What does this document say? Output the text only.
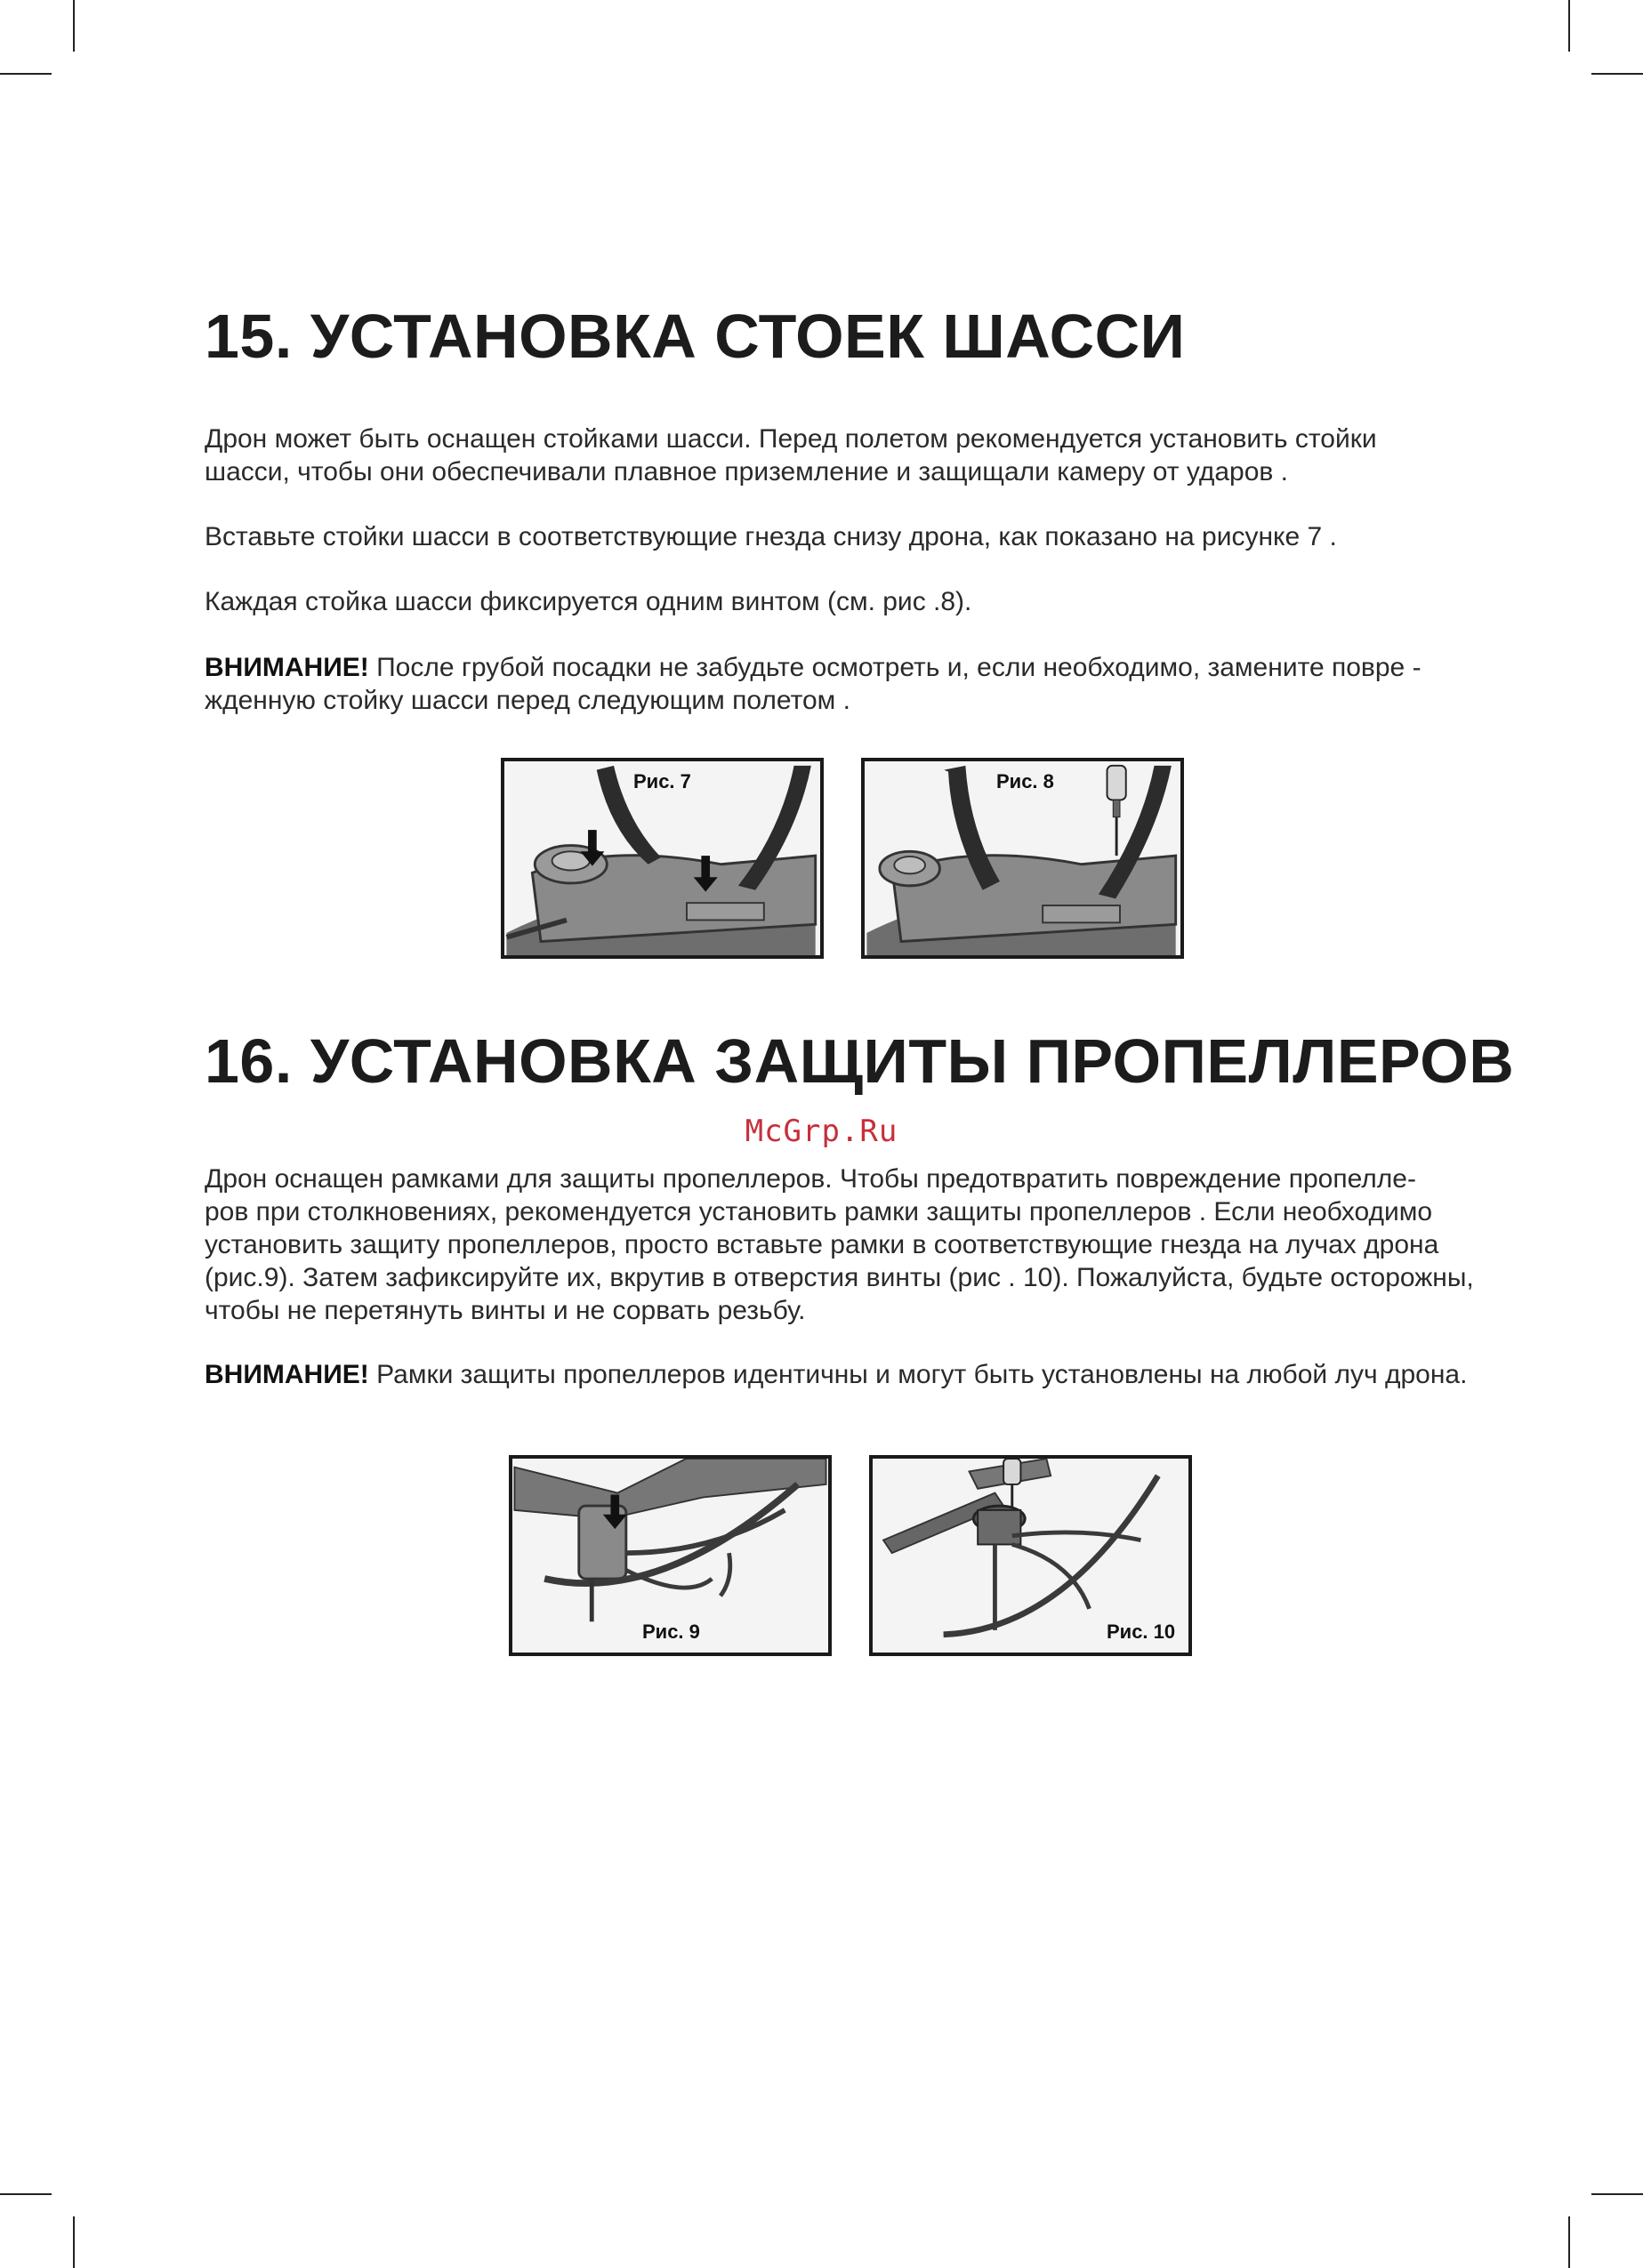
15. УСТАНОВКА СТОЕК ШАССИ

Дрон может быть оснащен стойками шасси. Перед полетом рекомендуется установить стойки
шасси, чтобы они обеспечивали плавное приземление и защищали камеру от ударов .

Вставьте стойки шасси в соответствующие гнезда снизу дрона, как показано на рисунке 7 .

Каждая стойка шасси фиксируется одним винтом (см. рис .8).

ВНИМАНИЕ! После грубой посадки не забудьте осмотреть и, если необходимо, замените повре -
жденную стойку шасси перед следующим полетом .

Рис. 7	Рис. 8
16. УСТАНОВКА ЗАЩИТЫ ПРОПЕЛЛЕРОВ
McGrp.Ru

Дрон оснащен рамками для защиты пропеллеров. Чтобы предотвратить повреждение пропелле-
ров при столкновениях, рекомендуется установить рамки защиты пропеллеров . Если необходимо
установить защиту пропеллеров, просто вставьте рамки в соответствующие гнезда на лучах дрона
(рис.9). Затем зафиксируйте их, вкрутив в отверстия винты (рис . 10). Пожалуйста, будьте осторожны,
чтобы не перетянуть винты и не сорвать резьбу.

ВНИМАНИЕ! Рамки защиты пропеллеров идентичны и могут быть установлены на любой луч дрона.

Рис. 9	Рис. 10
